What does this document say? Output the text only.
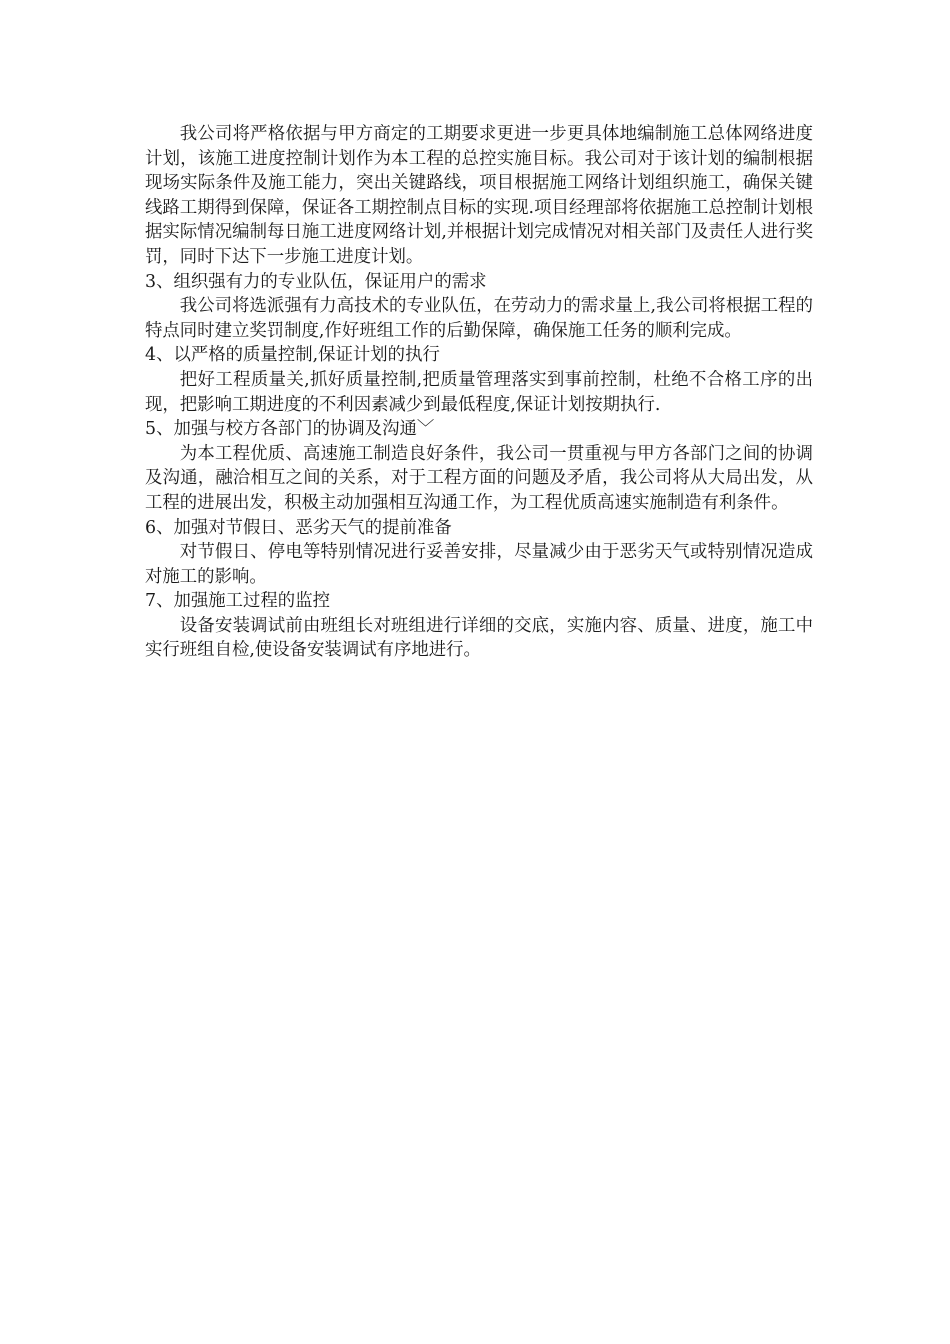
我公司将严格依据与甲方商定的工期要求更进一步更具体地编制施工总体网络进度计划，该施工进度控制计划作为本工程的总控实施目标。我公司对于该计划的编制根据现场实际条件及施工能力，突出关键路线，项目根据施工网络计划组织施工，确保关键线路工期得到保障，保证各工期控制点目标的实现.项目经理部将依据施工总控制计划根据实际情况编制每日施工进度网络计划,并根据计划完成情况对相关部门及责任人进行奖罚，同时下达下一步施工进度计划。

3、组织强有力的专业队伍，保证用户的需求

我公司将选派强有力高技术的专业队伍，在劳动力的需求量上,我公司将根据工程的特点同时建立奖罚制度,作好班组工作的后勤保障，确保施工任务的顺利完成。

4、以严格的质量控制,保证计划的执行

把好工程质量关,抓好质量控制,把质量管理落实到事前控制，杜绝不合格工序的出现，把影响工期进度的不利因素减少到最低程度,保证计划按期执行.

5、加强与校方各部门的协调及沟通﹀

为本工程优质、高速施工制造良好条件，我公司一贯重视与甲方各部门之间的协调及沟通，融洽相互之间的关系，对于工程方面的问题及矛盾，我公司将从大局出发，从工程的进展出发，积极主动加强相互沟通工作，为工程优质高速实施制造有利条件。

6、加强对节假日、恶劣天气的提前准备

对节假日、停电等特别情况进行妥善安排，尽量减少由于恶劣天气或特别情况造成对施工的影响。

7、加强施工过程的监控

设备安装调试前由班组长对班组进行详细的交底，实施内容、质量、进度，施工中实行班组自检,使设备安装调试有序地进行。
